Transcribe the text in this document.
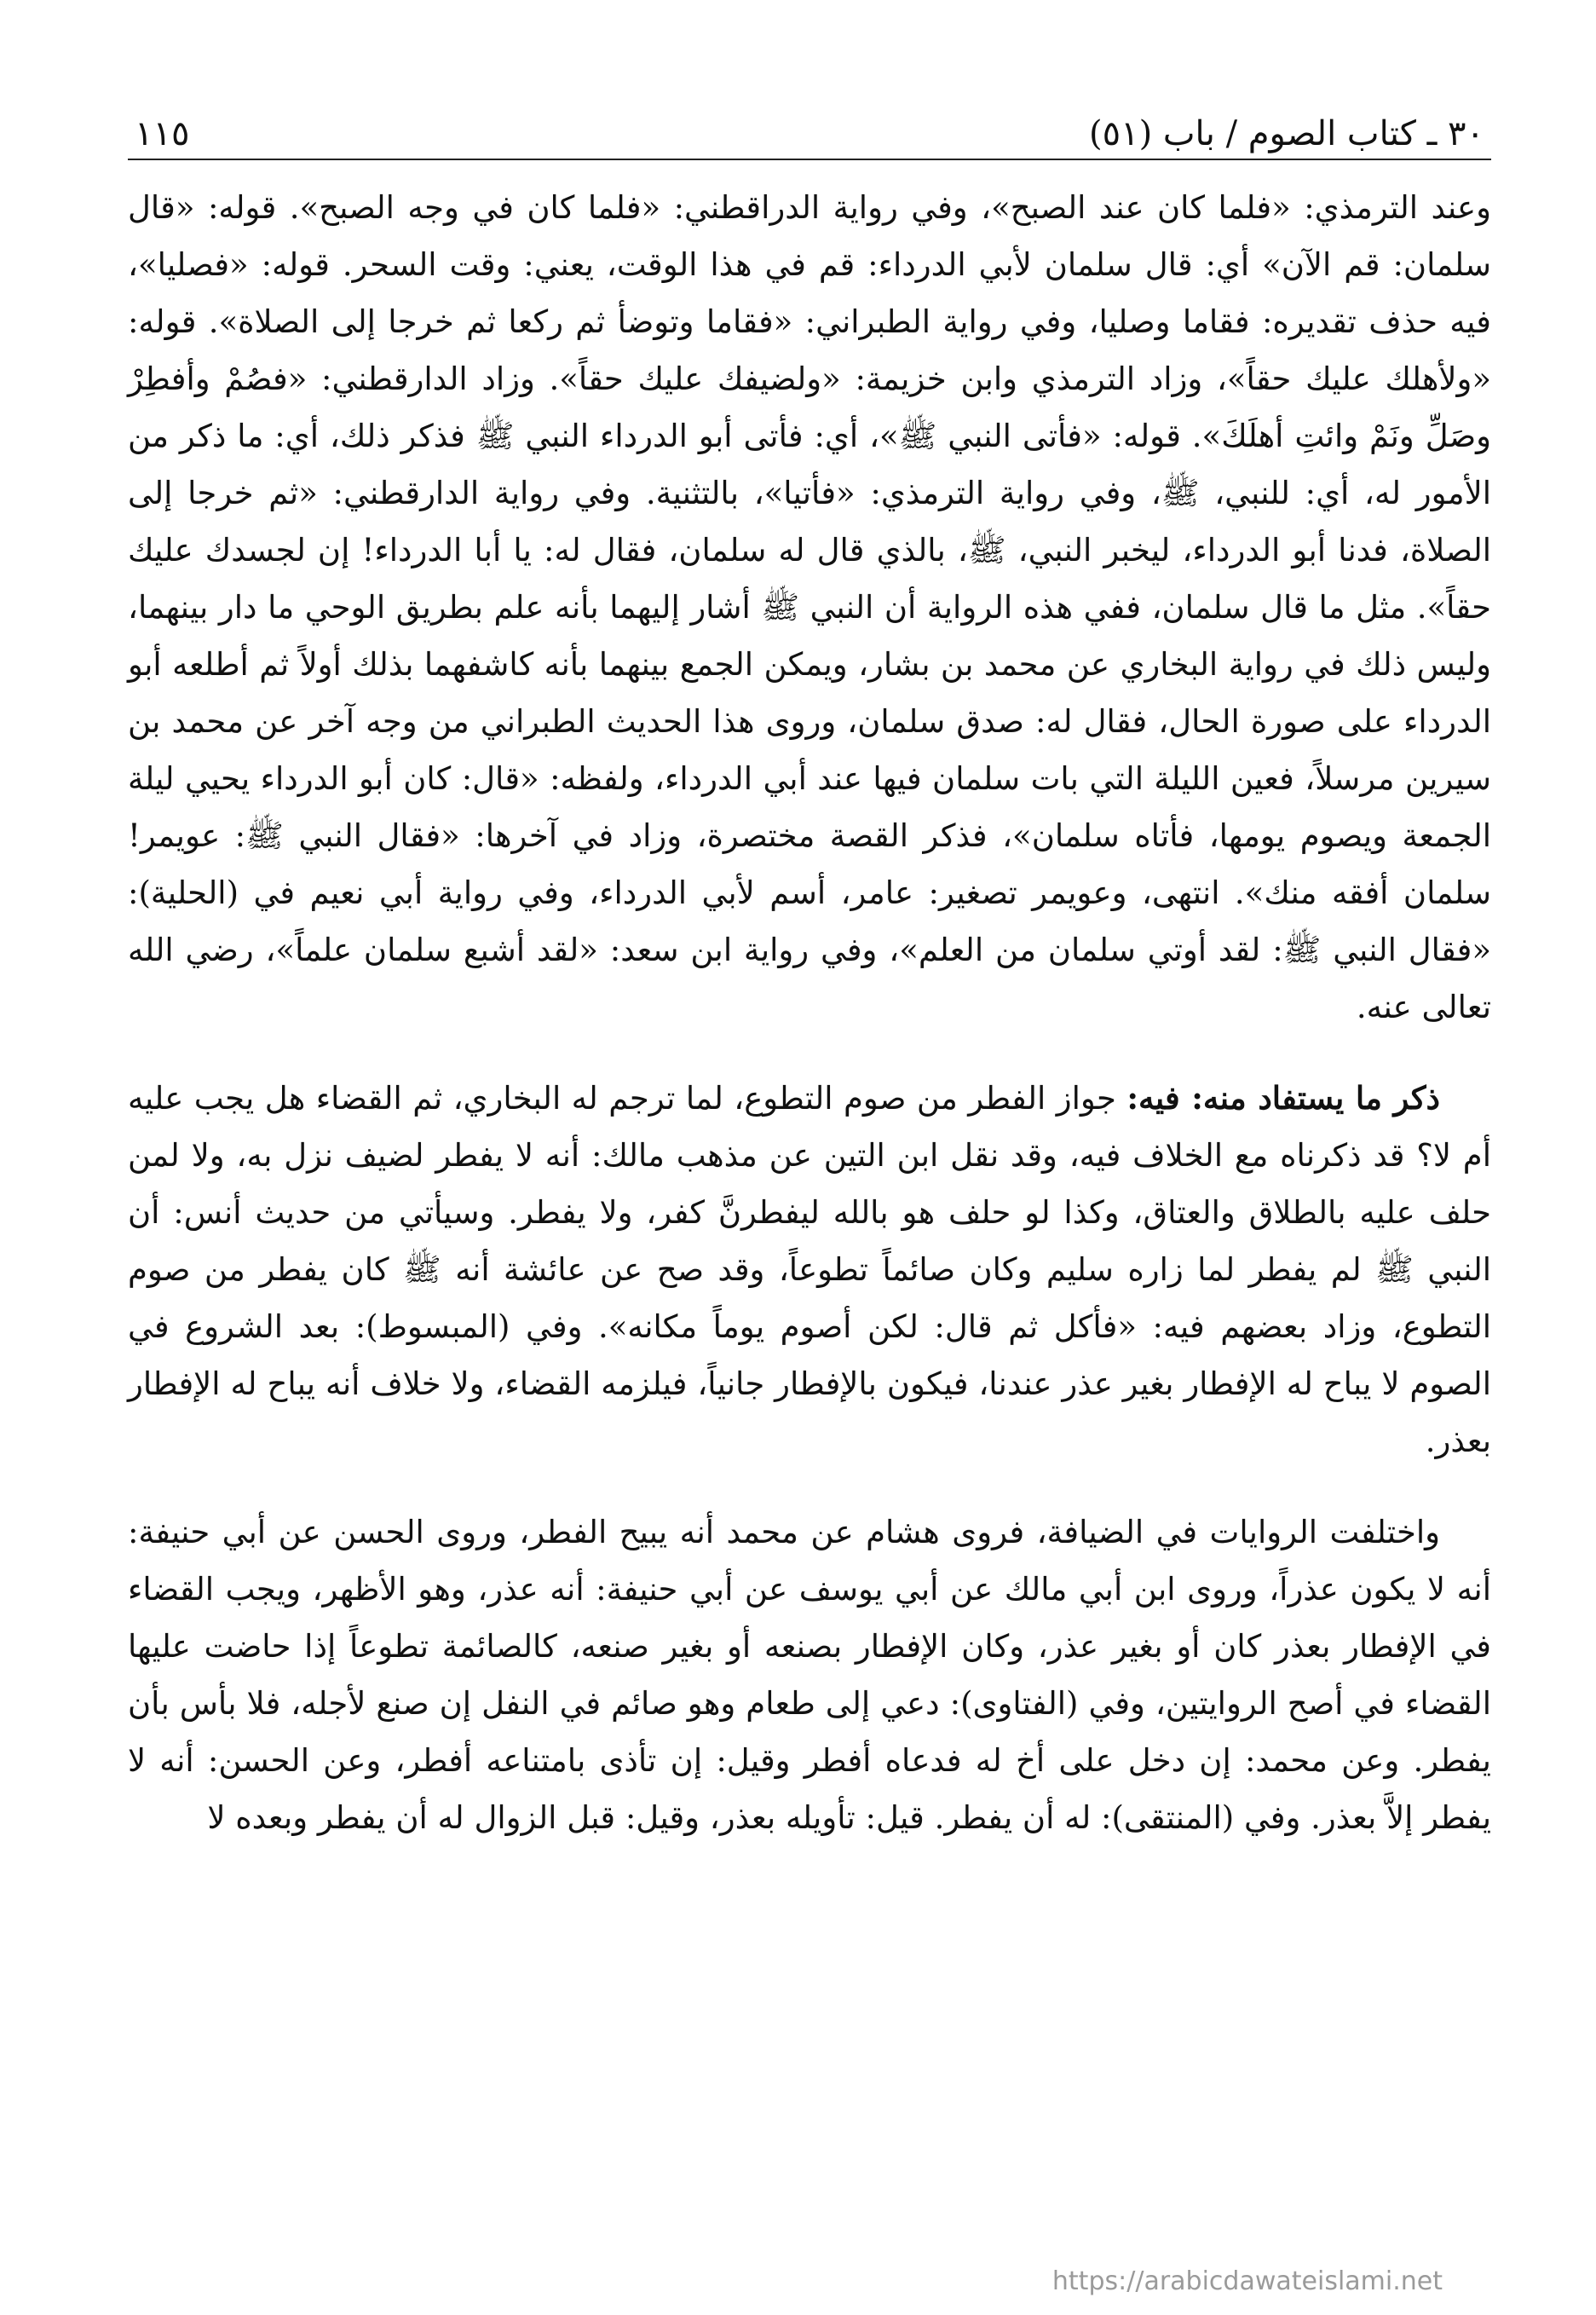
٣٠ ـ كتاب الصوم / باب (٥١)
١١٥

وعند الترمذي: «فلما كان عند الصبح»، وفي رواية الدراقطني: «فلما كان في وجه الصبح». قوله: «قال سلمان: قم الآن» أي: قال سلمان لأبي الدرداء: قم في هذا الوقت، يعني: وقت السحر. قوله: «فصليا»، فيه حذف تقديره: فقاما وصليا، وفي رواية الطبراني: «فقاما وتوضأ ثم ركعا ثم خرجا إلى الصلاة». قوله: «ولأهلك عليك حقاً»، وزاد الترمذي وابن خزيمة: «ولضيفك عليك حقاً». وزاد الدارقطني: «فصُمْ وأفطِرْ وصَلِّ ونَمْ وائتِ أهلَكَ». قوله: «فأتى النبي ﷺ»، أي: فأتى أبو الدرداء النبي ﷺ فذكر ذلك، أي: ما ذكر من الأمور له، أي: للنبي، ﷺ، وفي رواية الترمذي: «فأتيا»، بالتثنية. وفي رواية الدارقطني: «ثم خرجا إلى الصلاة، فدنا أبو الدرداء، ليخبر النبي، ﷺ، بالذي قال له سلمان، فقال له: يا أبا الدرداء! إن لجسدك عليك حقاً». مثل ما قال سلمان، ففي هذه الرواية أن النبي ﷺ أشار إليهما بأنه علم بطريق الوحي ما دار بينهما، وليس ذلك في رواية البخاري عن محمد بن بشار، ويمكن الجمع بينهما بأنه كاشفهما بذلك أولاً ثم أطلعه أبو الدرداء على صورة الحال، فقال له: صدق سلمان، وروى هذا الحديث الطبراني من وجه آخر عن محمد بن سيرين مرسلاً، فعين الليلة التي بات سلمان فيها عند أبي الدرداء، ولفظه: «قال: كان أبو الدرداء يحيي ليلة الجمعة ويصوم يومها، فأتاه سلمان»، فذكر القصة مختصرة، وزاد في آخرها: «فقال النبي ﷺ: عويمر! سلمان أفقه منك». انتهى، وعويمر تصغير: عامر، أسم لأبي الدرداء، وفي رواية أبي نعيم في (الحلية): «فقال النبي ﷺ: لقد أوتي سلمان من العلم»، وفي رواية ابن سعد: «لقد أشبع سلمان علماً»، رضي الله تعالى عنه.

ذكر ما يستفاد منه: فيه: جواز الفطر من صوم التطوع، لما ترجم له البخاري، ثم القضاء هل يجب عليه أم لا؟ قد ذكرناه مع الخلاف فيه، وقد نقل ابن التين عن مذهب مالك: أنه لا يفطر لضيف نزل به، ولا لمن حلف عليه بالطلاق والعتاق، وكذا لو حلف هو بالله ليفطرنَّ كفر، ولا يفطر. وسيأتي من حديث أنس: أن النبي ﷺ لم يفطر لما زاره سليم وكان صائماً تطوعاً، وقد صح عن عائشة أنه ﷺ كان يفطر من صوم التطوع، وزاد بعضهم فيه: «فأكل ثم قال: لكن أصوم يوماً مكانه». وفي (المبسوط): بعد الشروع في الصوم لا يباح له الإفطار بغير عذر عندنا، فيكون بالإفطار جانياً، فيلزمه القضاء، ولا خلاف أنه يباح له الإفطار بعذر.

واختلفت الروايات في الضيافة، فروى هشام عن محمد أنه يبيح الفطر، وروى الحسن عن أبي حنيفة: أنه لا يكون عذراً، وروى ابن أبي مالك عن أبي يوسف عن أبي حنيفة: أنه عذر، وهو الأظهر، ويجب القضاء في الإفطار بعذر كان أو بغير عذر، وكان الإفطار بصنعه أو بغير صنعه، كالصائمة تطوعاً إذا حاضت عليها القضاء في أصح الروايتين، وفي (الفتاوى): دعي إلى طعام وهو صائم في النفل إن صنع لأجله، فلا بأس بأن يفطر. وعن محمد: إن دخل على أخ له فدعاه أفطر وقيل: إن تأذى بامتناعه أفطر، وعن الحسن: أنه لا يفطر إلاَّ بعذر. وفي (المنتقى): له أن يفطر. قيل: تأويله بعذر، وقيل: قبل الزوال له أن يفطر وبعده لا

https://arabicdawateislami.net
